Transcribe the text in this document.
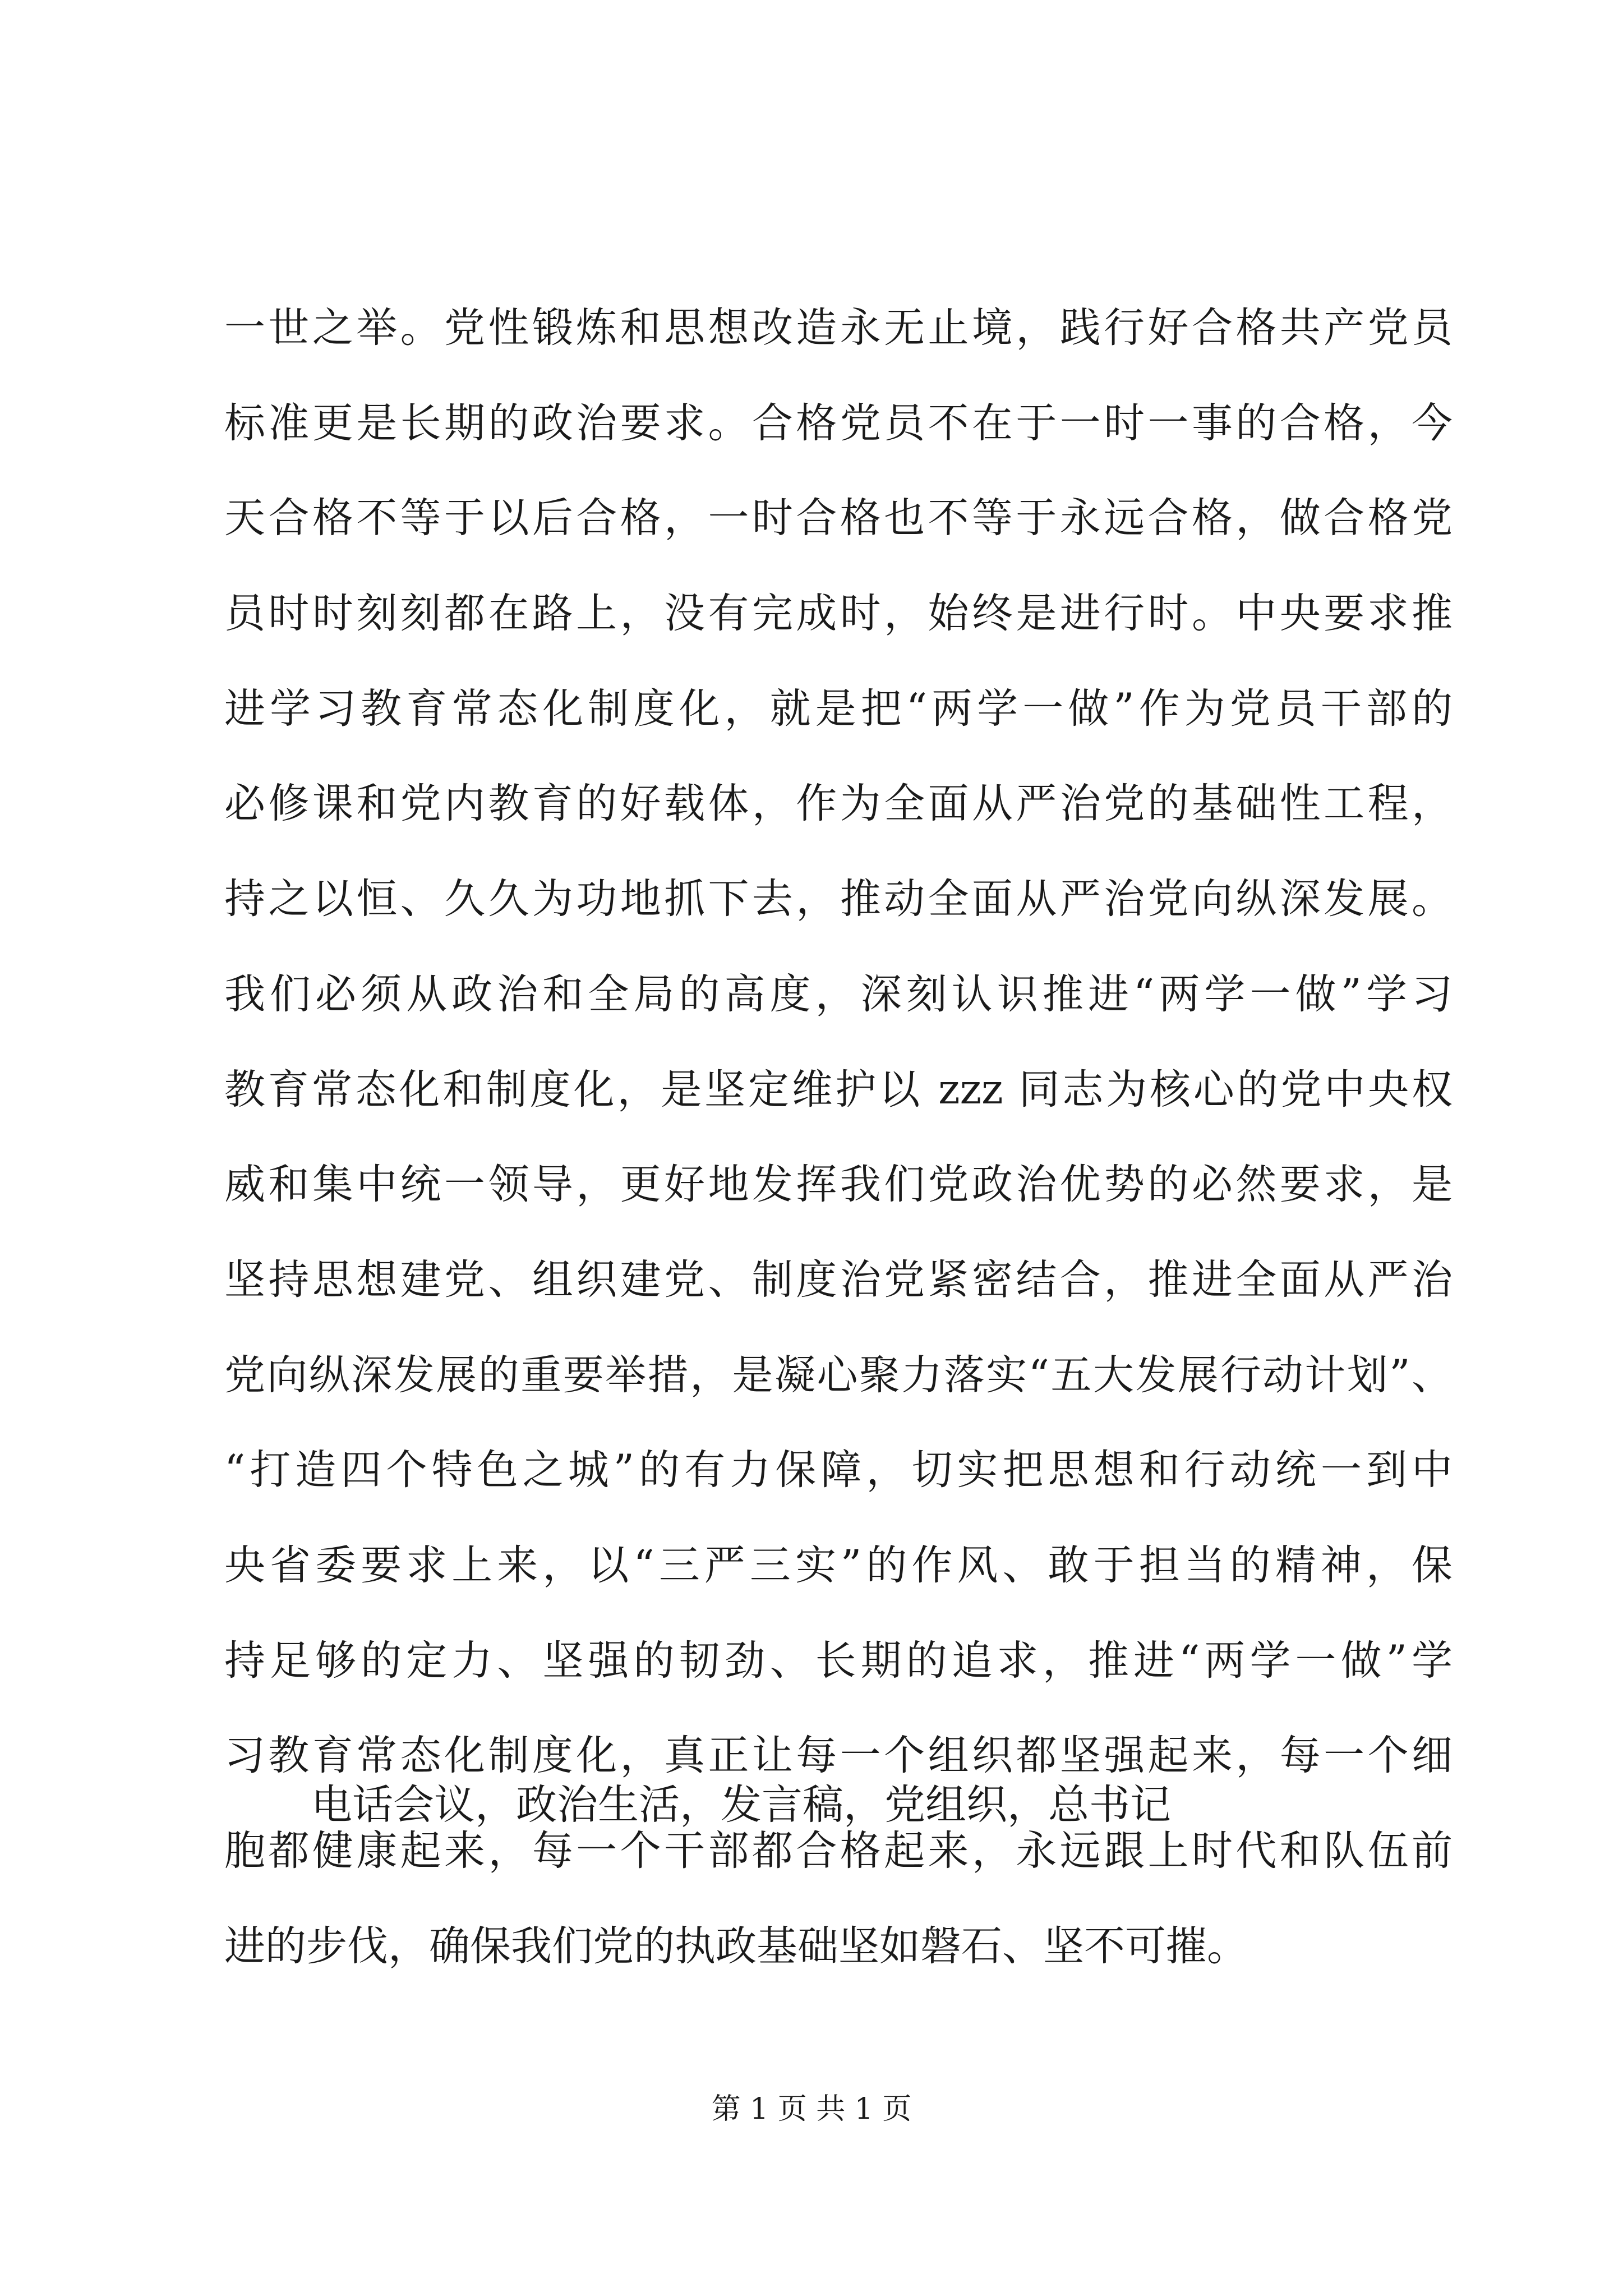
一世之举。党性锻炼和思想改造永无止境，践行好合格共产党员
标准更是长期的政治要求。合格党员不在于一时一事的合格，今
天合格不等于以后合格，一时合格也不等于永远合格，做合格党
员时时刻刻都在路上，没有完成时，始终是进行时。中央要求推
进学习教育常态化制度化，就是把“两学一做”作为党员干部的
必修课和党内教育的好载体，作为全面从严治党的基础性工程，
持之以恒、久久为功地抓下去，推动全面从严治党向纵深发展。
我们必须从政治和全局的高度，深刻认识推进“两学一做”学习
教育常态化和制度化，是坚定维护以 zzz 同志为核心的党中央权
威和集中统一领导，更好地发挥我们党政治优势的必然要求，是
坚持思想建党、组织建党、制度治党紧密结合，推进全面从严治
党向纵深发展的重要举措，是凝心聚力落实“五大发展行动计划”、
“打造四个特色之城”的有力保障，切实把思想和行动统一到中
央省委要求上来，以“三严三实”的作风、敢于担当的精神，保
持足够的定力、坚强的韧劲、长期的追求，推进“两学一做”学
习教育常态化制度化，真正让每一个组织都坚强起来，每一个细
胞都健康起来，每一个干部都合格起来，永远跟上时代和队伍前
进的步伐，确保我们党的执政基础坚如磐石、坚不可摧。

电话会议，政治生活，发言稿，党组织，总书记

第 1 页 共 1 页
